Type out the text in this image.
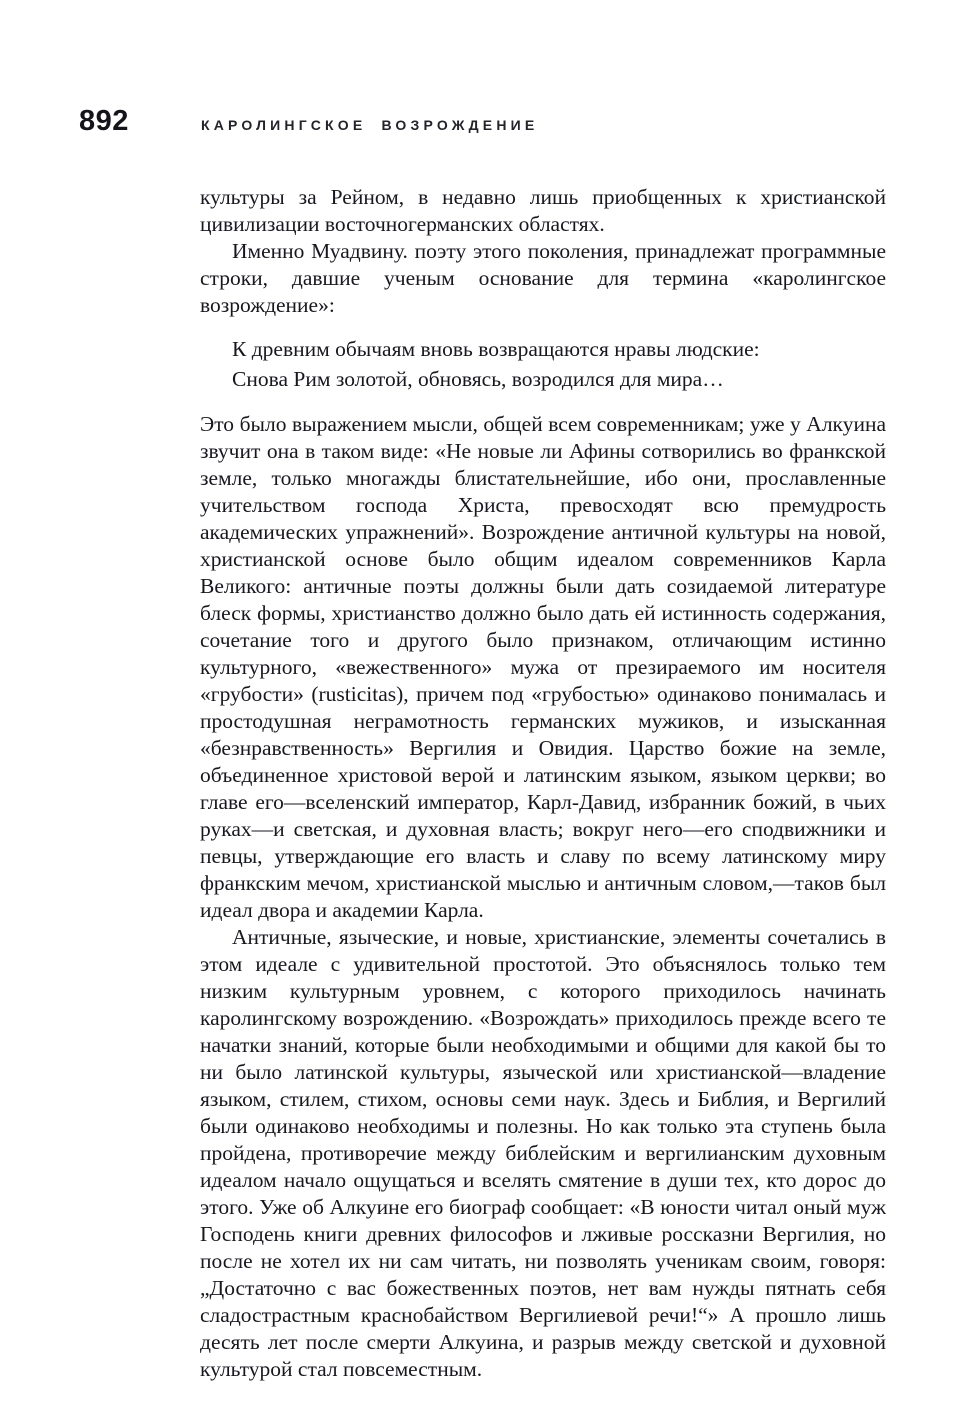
892	КАРОЛИНГСКОЕ ВОЗРОЖДЕНИЕ

культуры за Рейном, в недавно лишь приобщенных к христианской цивилизации восточногерманских областях.

Именно Муадвину. поэту этого поколения, принадлежат программные строки, давшие ученым основание для термина «каролингское возрождение»:

К древним обычаям вновь возвращаются нравы людские:
Снова Рим золотой, обновясь, возродился для мира…

Это было выражением мысли, общей всем современникам; уже у Алкуина звучит она в таком виде: «Не новые ли Афины сотворились во франкской земле, только многажды блистательнейшие, ибо они, прославленные учительством господа Христа, превосходят всю премудрость академических упражнений». Возрождение античной культуры на новой, христианской основе было общим идеалом современников Карла Великого: античные поэты должны были дать созидаемой литературе блеск формы, христианство должно было дать ей истинность содержания, сочетание того и другого было признаком, отличающим истинно культурного, «вежественного» мужа от презираемого им носителя «грубости» (rusticitas), причем под «грубостью» одинаково понималась и простодушная неграмотность германских мужиков, и изысканная «безнравственность» Вергилия и Овидия. Царство божие на земле, объединенное христовой верой и латинским языком, языком церкви; во главе его—вселенский император, Карл-Давид, избранник божий, в чьих руках—и светская, и духовная власть; вокруг него—его сподвижники и певцы, утверждающие его власть и славу по всему латинскому миру франкским мечом, христианской мыслью и античным словом,—таков был идеал двора и академии Карла.

Античные, языческие, и новые, христианские, элементы сочетались в этом идеале с удивительной простотой. Это объяснялось только тем низким культурным уровнем, с которого приходилось начинать каролингскому возрождению. «Возрождать» приходилось прежде всего те начатки знаний, которые были необходимыми и общими для какой бы то ни было латинской культуры, языческой или христианской—владение языком, стилем, стихом, основы семи наук. Здесь и Библия, и Вергилий были одинаково необходимы и полезны. Но как только эта ступень была пройдена, противоречие между библейским и вергилианским духовным идеалом начало ощущаться и вселять смятение в души тех, кто дорос до этого. Уже об Алкуине его биограф сообщает: «В юности читал оный муж Господень книги древних философов и лживые россказни Вергилия, но после не хотел их ни сам читать, ни позволять ученикам своим, говоря: „Достаточно с вас божественных поэтов, нет вам нужды пятнать себя сладострастным краснобайством Вергилиевой речи!“» А прошло лишь десять лет после смерти Алкуина, и разрыв между светской и духовной культурой стал повсеместным.
